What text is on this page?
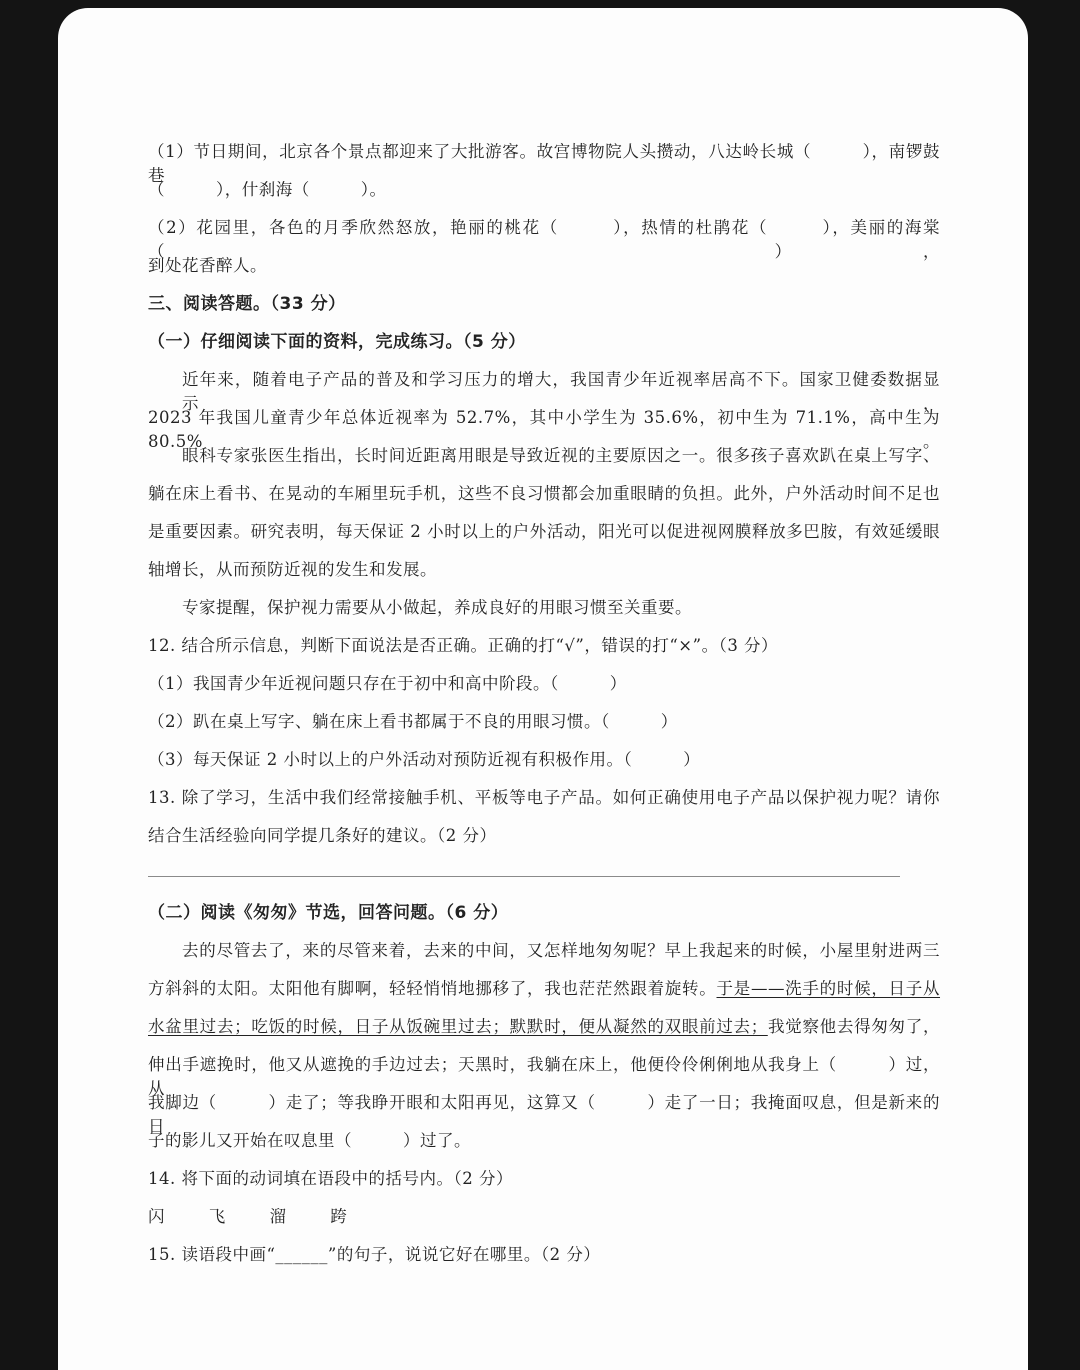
（1）节日期间，北京各个景点都迎来了大批游客。故宫博物院人头攒动，八达岭长城（　　　），南锣鼓巷
（　　　），什刹海（　　　）。
（2）花园里，各色的月季欣然怒放，艳丽的桃花（　　　），热情的杜鹃花（　　　），美丽的海棠（　　　），
到处花香醉人。
三、阅读答题。（33 分）
（一）仔细阅读下面的资料，完成练习。（5 分）
近年来，随着电子产品的普及和学习压力的增大，我国青少年近视率居高不下。国家卫健委数据显示，
2023 年我国儿童青少年总体近视率为 52.7%，其中小学生为 35.6%，初中生为 71.1%，高中生为 80.5%。
眼科专家张医生指出，长时间近距离用眼是导致近视的主要原因之一。很多孩子喜欢趴在桌上写字、
躺在床上看书、在晃动的车厢里玩手机，这些不良习惯都会加重眼睛的负担。此外，户外活动时间不足也
是重要因素。研究表明，每天保证 2 小时以上的户外活动，阳光可以促进视网膜释放多巴胺，有效延缓眼
轴增长，从而预防近视的发生和发展。
专家提醒，保护视力需要从小做起，养成良好的用眼习惯至关重要。
12. 结合所示信息，判断下面说法是否正确。正确的打“√”，错误的打“×”。（3 分）
（1）我国青少年近视问题只存在于初中和高中阶段。（　　　）
（2）趴在桌上写字、躺在床上看书都属于不良的用眼习惯。（　　　）
（3）每天保证 2 小时以上的户外活动对预防近视有积极作用。（　　　）
13. 除了学习，生活中我们经常接触手机、平板等电子产品。如何正确使用电子产品以保护视力呢？请你
结合生活经验向同学提几条好的建议。（2 分）
（二）阅读《匆匆》节选，回答问题。（6 分）
去的尽管去了，来的尽管来着，去来的中间，又怎样地匆匆呢？早上我起来的时候，小屋里射进两三
方斜斜的太阳。太阳他有脚啊，轻轻悄悄地挪移了，我也茫茫然跟着旋转。于是——洗手的时候，日子从
水盆里过去；吃饭的时候，日子从饭碗里过去；默默时，便从凝然的双眼前过去；我觉察他去得匆匆了，
伸出手遮挽时，他又从遮挽的手边过去；天黑时，我躺在床上，他便伶伶俐俐地从我身上（　　　）过，从
我脚边（　　　）走了；等我睁开眼和太阳再见，这算又（　　　）走了一日；我掩面叹息，但是新来的日
子的影儿又开始在叹息里（　　　）过了。
14. 将下面的动词填在语段中的括号内。（2 分）
闪	飞	溜	跨
15. 读语段中画“______”的句子，说说它好在哪里。（2 分）
